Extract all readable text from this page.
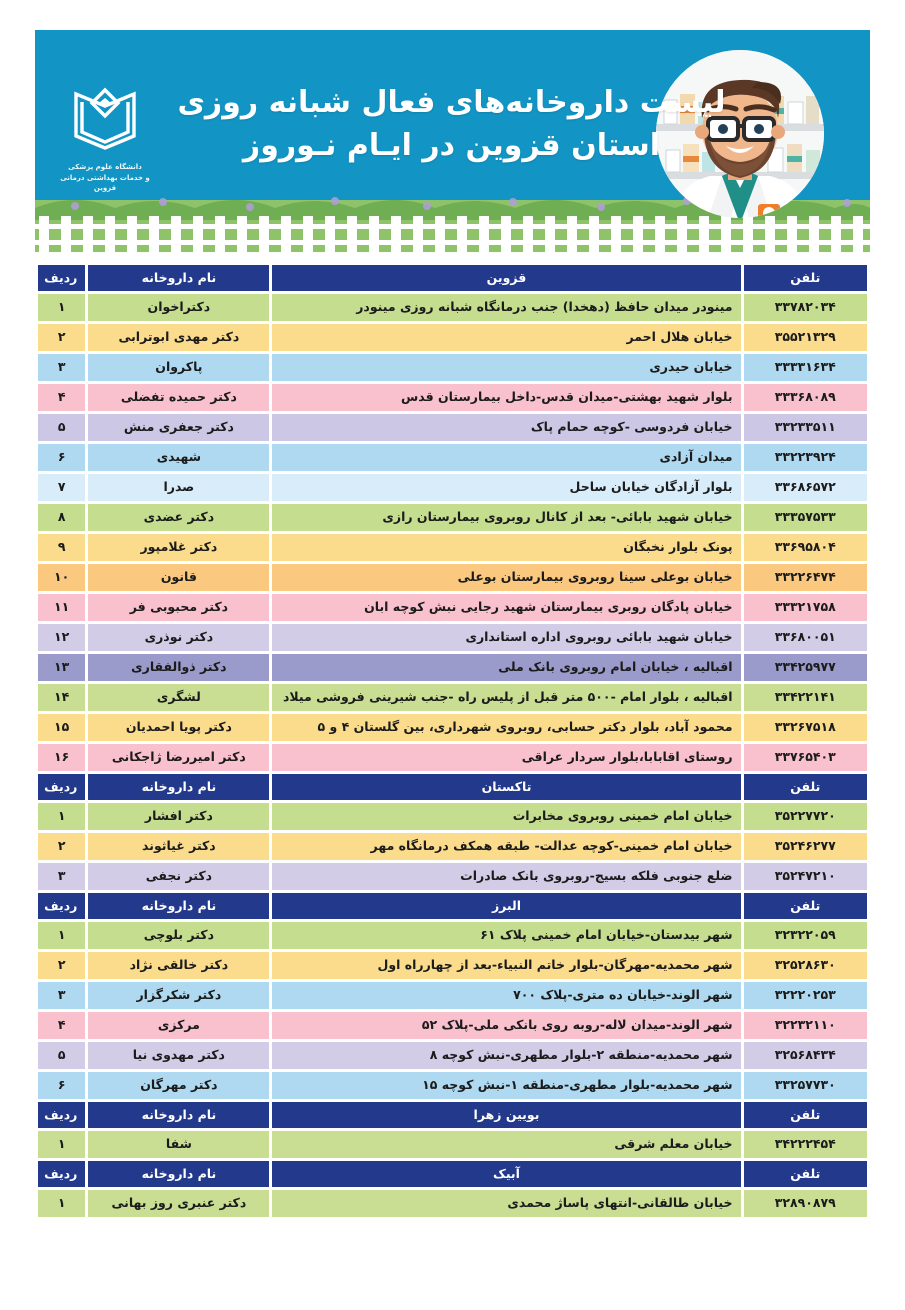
لیست داروخانه‌های فعال شبانه روزی
استان قزوین در ایـام نـوروز
دانشگاه علوم پزشکی
و خدمات بهداشتی درمانی قزوین
تلفن	قزوین	نام داروخانه	ردیف
۳۳۷۸۲۰۳۴	مینودر میدان حافظ (دهخدا) جنب درمانگاه شبانه روزی مینودر	دکتراخوان	۱
۳۵۵۲۱۳۲۹	خیابان هلال احمر	دکتر مهدی ابوترابی	۲
۳۳۳۳۱۶۳۴	خیابان حیدری	پاکروان	۳
۳۳۳۶۸۰۸۹	بلوار شهید بهشتی-میدان قدس-داخل بیمارستان قدس	دکتر حمیده تفضلی	۴
۳۳۲۳۳۵۱۱	خیابان فردوسی -کوچه حمام پاک	دکتر جعفری منش	۵
۳۳۲۲۳۹۲۴	میدان آزادی	شهیدی	۶
۳۳۶۸۶۵۷۲	بلوار آزادگان خیابان ساحل	صدرا	۷
۳۳۳۵۷۵۳۳	خیابان شهید بابائی- بعد از کانال روبروی بیمارستان رازی	دکتر عضدی	۸
۳۳۶۹۵۸۰۴	پونک بلوار نخبگان	دکتر غلامپور	۹
۳۳۲۲۶۴۷۴	خیابان بوعلی سینا روبروی بیمارستان بوعلی	قانون	۱۰
۳۳۳۲۱۷۵۸	خیابان پادگان روبری بیمارستان شهید رجایی نبش کوچه ابان	دکتر محبوبی فر	۱۱
۳۳۶۸۰۰۵۱	خیابان شهید بابائی روبروی اداره استانداری	دکتر نوذری	۱۲
۳۳۴۲۵۹۷۷	اقبالیه ، خیابان امام روبروی بانک ملی	دکتر ذوالفقاری	۱۳
۳۳۴۲۲۱۴۱	اقبالیه ، بلوار امام -۵۰۰ متر قبل از پلیس راه -جنب شیرینی فروشی میلاد	لشگری	۱۴
۳۳۲۶۷۵۱۸	محمود آباد، بلوار دکتر حسابی، روبروی شهرداری، بین گلستان ۴ و ۵	دکتر پویا احمدیان	۱۵
۳۳۷۶۵۴۰۳	روستای اقابابا،بلوار سردار عراقی	دکتر امیررضا ژاجکانی	۱۶
تلفن	تاکستان	نام داروخانه	ردیف
۳۵۲۲۷۷۲۰	خیابان امام خمینی روبروی مخابرات	دکتر افشار	۱
۳۵۲۴۶۲۷۷	خیابان امام خمینی-کوچه عدالت- طبقه همکف درمانگاه مهر	دکتر غیاثوند	۲
۳۵۲۴۷۲۱۰	ضلع جنوبی فلکه بسیج-روبروی بانک صادرات	دکتر نجفی	۳
تلفن	البرز	نام داروخانه	ردیف
۳۲۳۲۲۰۵۹	شهر بیدستان-خیابان امام خمینی پلاک ۶۱	دکتر بلوچی	۱
۳۲۵۲۸۶۳۰	شهر محمدیه-مهرگان-بلوار خاتم النبیاء-بعد از چهارراه اول	دکتر خالقی نژاد	۲
۳۲۲۲۰۲۵۳	شهر الوند-خیابان ده متری-پلاک ۷۰۰	دکتر شکرگزار	۳
۳۲۲۳۲۱۱۰	شهر الوند-میدان لاله-روبه روی بانکی ملی-پلاک ۵۲	مرکزی	۴
۳۲۵۶۸۴۳۴	شهر محمدیه-منطقه ۲-بلوار مطهری-نبش کوچه ۸	دکتر مهدوی نیا	۵
۳۳۲۵۷۷۳۰	شهر محمدیه-بلوار مطهری-منطقه ۱-نبش کوچه ۱۵	دکتر مهرگان	۶
تلفن	بویین زهرا	نام داروخانه	ردیف
۳۴۲۲۲۴۵۴	خیابان معلم شرقی	شفا	۱
تلفن	آبیک	نام داروخانه	ردیف
۳۲۸۹۰۸۷۹	خیابان طالقانی-انتهای پاساژ محمدی	دکتر عنبری روز بهانی	۱
